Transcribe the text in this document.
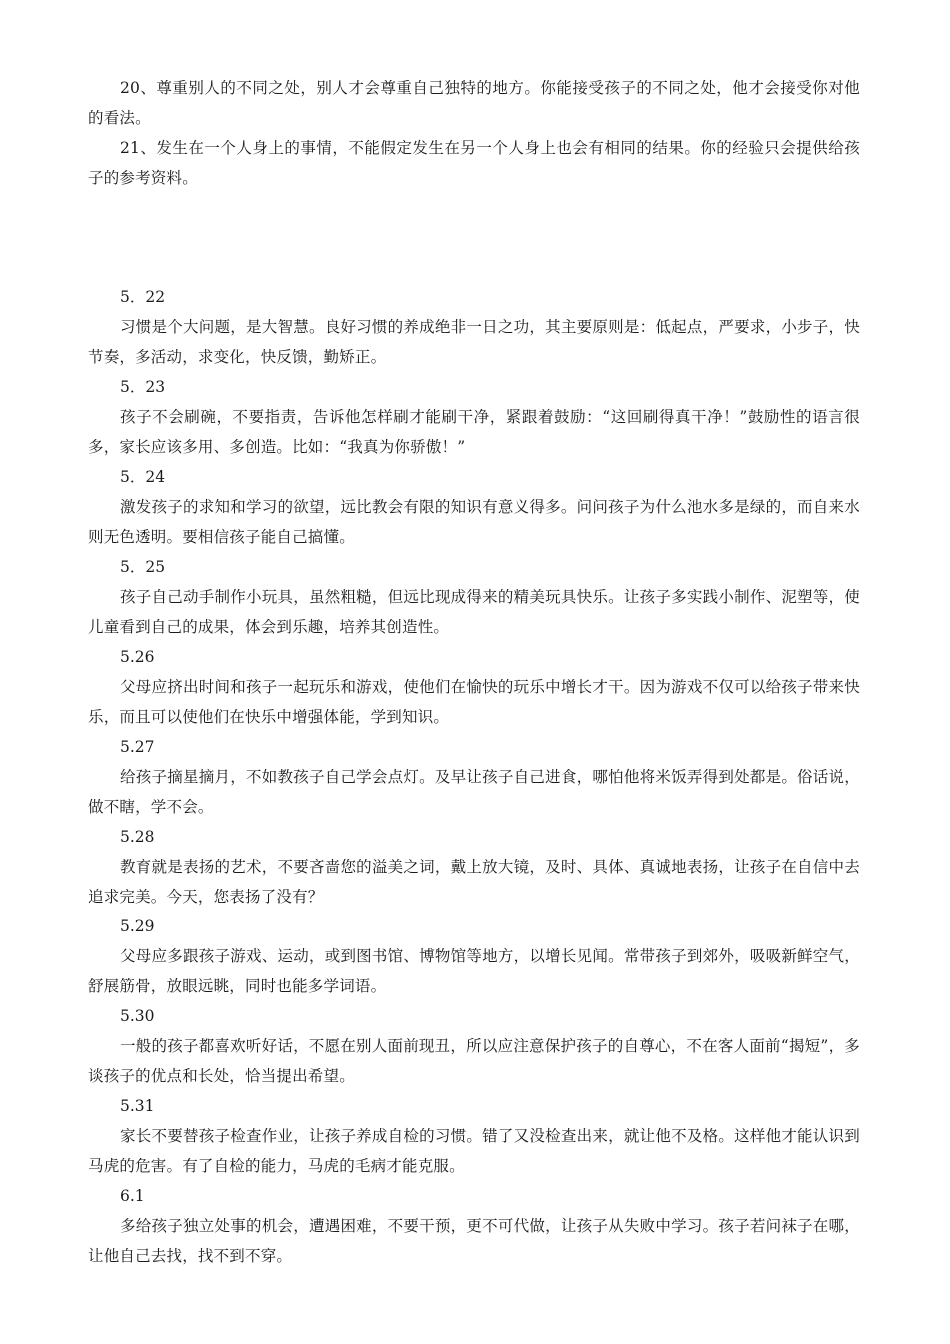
20、尊重别人的不同之处，别人才会尊重自己独特的地方。你能接受孩子的不同之处，他才会接受你对他的看法。

21、发生在一个人身上的事情，不能假定发生在另一个人身上也会有相同的结果。你的经验只会提供给孩子的参考资料。

5．22

习惯是个大问题，是大智慧。良好习惯的养成绝非一日之功，其主要原则是：低起点，严要求，小步子，快节奏，多活动，求变化，快反馈，勤矫正。

5．23

孩子不会刷碗，不要指责，告诉他怎样刷才能刷干净，紧跟着鼓励：“这回刷得真干净！”鼓励性的语言很多，家长应该多用、多创造。比如：“我真为你骄傲！”

5．24

激发孩子的求知和学习的欲望，远比教会有限的知识有意义得多。问问孩子为什么池水多是绿的，而自来水则无色透明。要相信孩子能自己搞懂。

5．25

孩子自己动手制作小玩具，虽然粗糙，但远比现成得来的精美玩具快乐。让孩子多实践小制作、泥塑等，使儿童看到自己的成果，体会到乐趣，培养其创造性。

5.26

父母应挤出时间和孩子一起玩乐和游戏，使他们在愉快的玩乐中增长才干。因为游戏不仅可以给孩子带来快乐，而且可以使他们在快乐中增强体能，学到知识。

5.27

给孩子摘星摘月，不如教孩子自己学会点灯。及早让孩子自己进食，哪怕他将米饭弄得到处都是。俗话说，做不瞎，学不会。

5.28

教育就是表扬的艺术，不要吝啬您的溢美之词，戴上放大镜，及时、具体、真诚地表扬，让孩子在自信中去追求完美。今天，您表扬了没有？

5.29

父母应多跟孩子游戏、运动，或到图书馆、博物馆等地方，以增长见闻。常带孩子到郊外，吸吸新鲜空气，舒展筋骨，放眼远眺，同时也能多学词语。

5.30

一般的孩子都喜欢听好话，不愿在别人面前现丑，所以应注意保护孩子的自尊心，不在客人面前“揭短”，多谈孩子的优点和长处，恰当提出希望。

5.31

家长不要替孩子检查作业，让孩子养成自检的习惯。错了又没检查出来，就让他不及格。这样他才能认识到马虎的危害。有了自检的能力，马虎的毛病才能克服。

6.1

多给孩子独立处事的机会，遭遇困难，不要干预，更不可代做，让孩子从失败中学习。孩子若问袜子在哪，让他自己去找，找不到不穿。
